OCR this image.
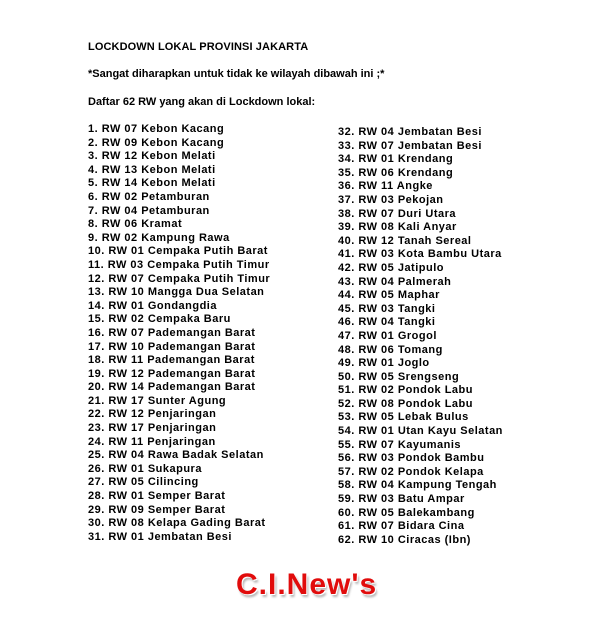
LOCKDOWN LOKAL PROVINSI JAKARTA
*Sangat diharapkan untuk tidak ke wilayah dibawah ini ;*
Daftar 62 RW yang akan di Lockdown lokal:
1. RW 07 Kebon Kacang
2. RW 09 Kebon Kacang
3. RW 12 Kebon Melati
4. RW 13 Kebon Melati
5. RW 14 Kebon Melati
6. RW 02 Petamburan
7. RW 04 Petamburan
8. RW 06 Kramat
9. RW 02 Kampung Rawa
10. RW 01 Cempaka Putih Barat
11. RW 03 Cempaka Putih Timur
12. RW 07 Cempaka Putih Timur
13. RW 10 Mangga Dua Selatan
14. RW 01 Gondangdia
15. RW 02 Cempaka Baru
16. RW 07 Pademangan Barat
17. RW 10 Pademangan Barat
18. RW 11 Pademangan Barat
19. RW 12 Pademangan Barat
20. RW 14 Pademangan Barat
21. RW 17 Sunter Agung
22. RW 12 Penjaringan
23. RW 17 Penjaringan
24. RW 11 Penjaringan
25. RW 04 Rawa Badak Selatan
26. RW 01 Sukapura
27. RW 05 Cilincing
28. RW 01 Semper Barat
29. RW 09 Semper Barat
30. RW 08 Kelapa Gading Barat
31. RW 01 Jembatan Besi
32. RW 04 Jembatan Besi
33. RW 07 Jembatan Besi
34. RW 01 Krendang
35. RW 06 Krendang
36. RW 11 Angke
37. RW 03 Pekojan
38. RW 07 Duri Utara
39. RW 08 Kali Anyar
40. RW 12 Tanah Sereal
41. RW 03 Kota Bambu Utara
42. RW 05 Jatipulo
43. RW 04 Palmerah
44. RW 05 Maphar
45. RW 03 Tangki
46. RW 04 Tangki
47. RW 01 Grogol
48. RW 06 Tomang
49. RW 01 Joglo
50. RW 05 Srengseng
51. RW 02 Pondok Labu
52. RW 08 Pondok Labu
53. RW 05 Lebak Bulus
54. RW 01 Utan Kayu Selatan
55. RW 07 Kayumanis
56. RW 03 Pondok Bambu
57. RW 02 Pondok Kelapa
58. RW 04 Kampung Tengah
59. RW 03 Batu Ampar
60. RW 05 Balekambang
61. RW 07 Bidara Cina
62. RW 10 Ciracas (Ibn)
C.I.New's
